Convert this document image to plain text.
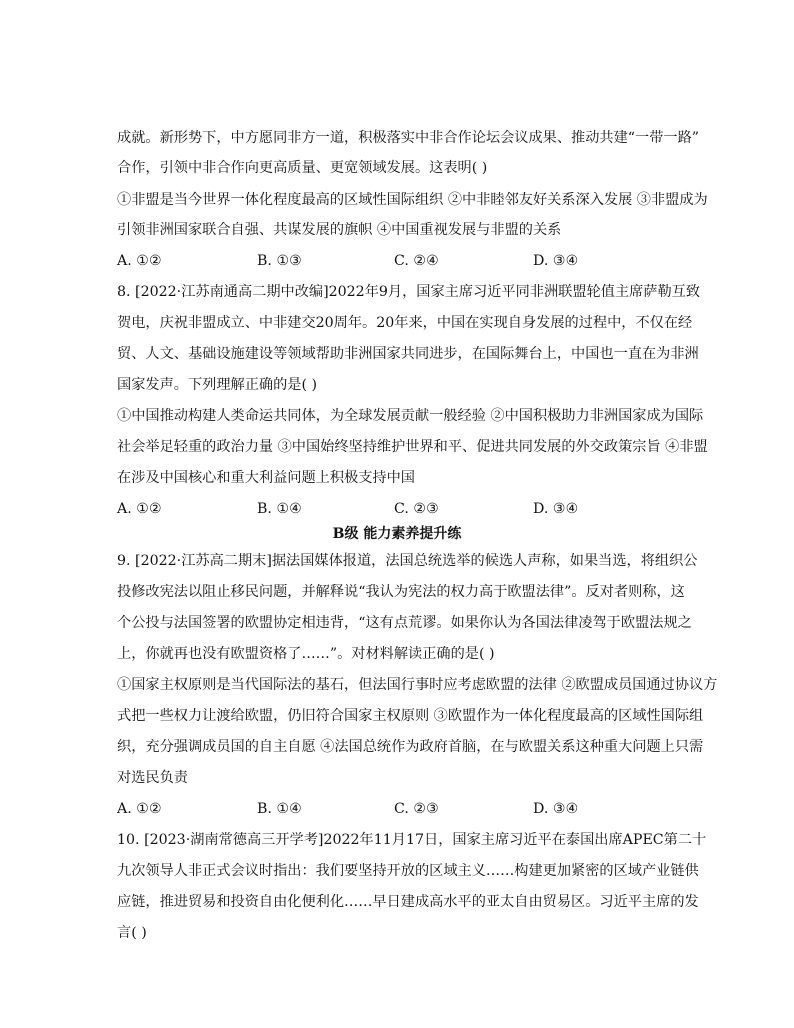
成就。新形势下，中方愿同非方一道，积极落实中非合作论坛会议成果、推动共建“一带一路”
合作，引领中非合作向更高质量、更宽领域发展。这表明( )
①非盟是当今世界一体化程度最高的区域性国际组织 ②中非睦邻友好关系深入发展 ③非盟成为
引领非洲国家联合自强、共谋发展的旗帜 ④中国重视发展与非盟的关系
A. ①②	B. ①③	C. ②④	D. ③④
8. [2022·江苏南通高二期中改编]2022年9月，国家主席习近平同非洲联盟轮值主席萨勒互致
贺电，庆祝非盟成立、中非建交20周年。20年来，中国在实现自身发展的过程中，不仅在经
贸、人文、基础设施建设等领域帮助非洲国家共同进步，在国际舞台上，中国也一直在为非洲
国家发声。下列理解正确的是( )
①中国推动构建人类命运共同体，为全球发展贡献一般经验 ②中国积极助力非洲国家成为国际
社会举足轻重的政治力量 ③中国始终坚持维护世界和平、促进共同发展的外交政策宗旨 ④非盟
在涉及中国核心和重大利益问题上积极支持中国
A. ①②	B. ①④	C. ②③	D. ③④
B级 能力素养提升练
9. [2022·江苏高二期末]据法国媒体报道，法国总统选举的候选人声称，如果当选，将组织公
投修改宪法以阻止移民问题，并解释说“我认为宪法的权力高于欧盟法律”。反对者则称，这
个公投与法国签署的欧盟协定相违背，“这有点荒谬。如果你认为各国法律凌驾于欧盟法规之
上，你就再也没有欧盟资格了……”。对材料解读正确的是( )
①国家主权原则是当代国际法的基石，但法国行事时应考虑欧盟的法律 ②欧盟成员国通过协议方
式把一些权力让渡给欧盟，仍旧符合国家主权原则 ③欧盟作为一体化程度最高的区域性国际组
织，充分强调成员国的自主自愿 ④法国总统作为政府首脑，在与欧盟关系这种重大问题上只需
对选民负责
A. ①②	B. ①④	C. ②③	D. ③④
10. [2023·湖南常德高三开学考]2022年11月17日，国家主席习近平在泰国出席APEC第二十
九次领导人非正式会议时指出：我们要坚持开放的区域主义……构建更加紧密的区域产业链供
应链，推进贸易和投资自由化便利化……早日建成高水平的亚太自由贸易区。习近平主席的发
言( )
